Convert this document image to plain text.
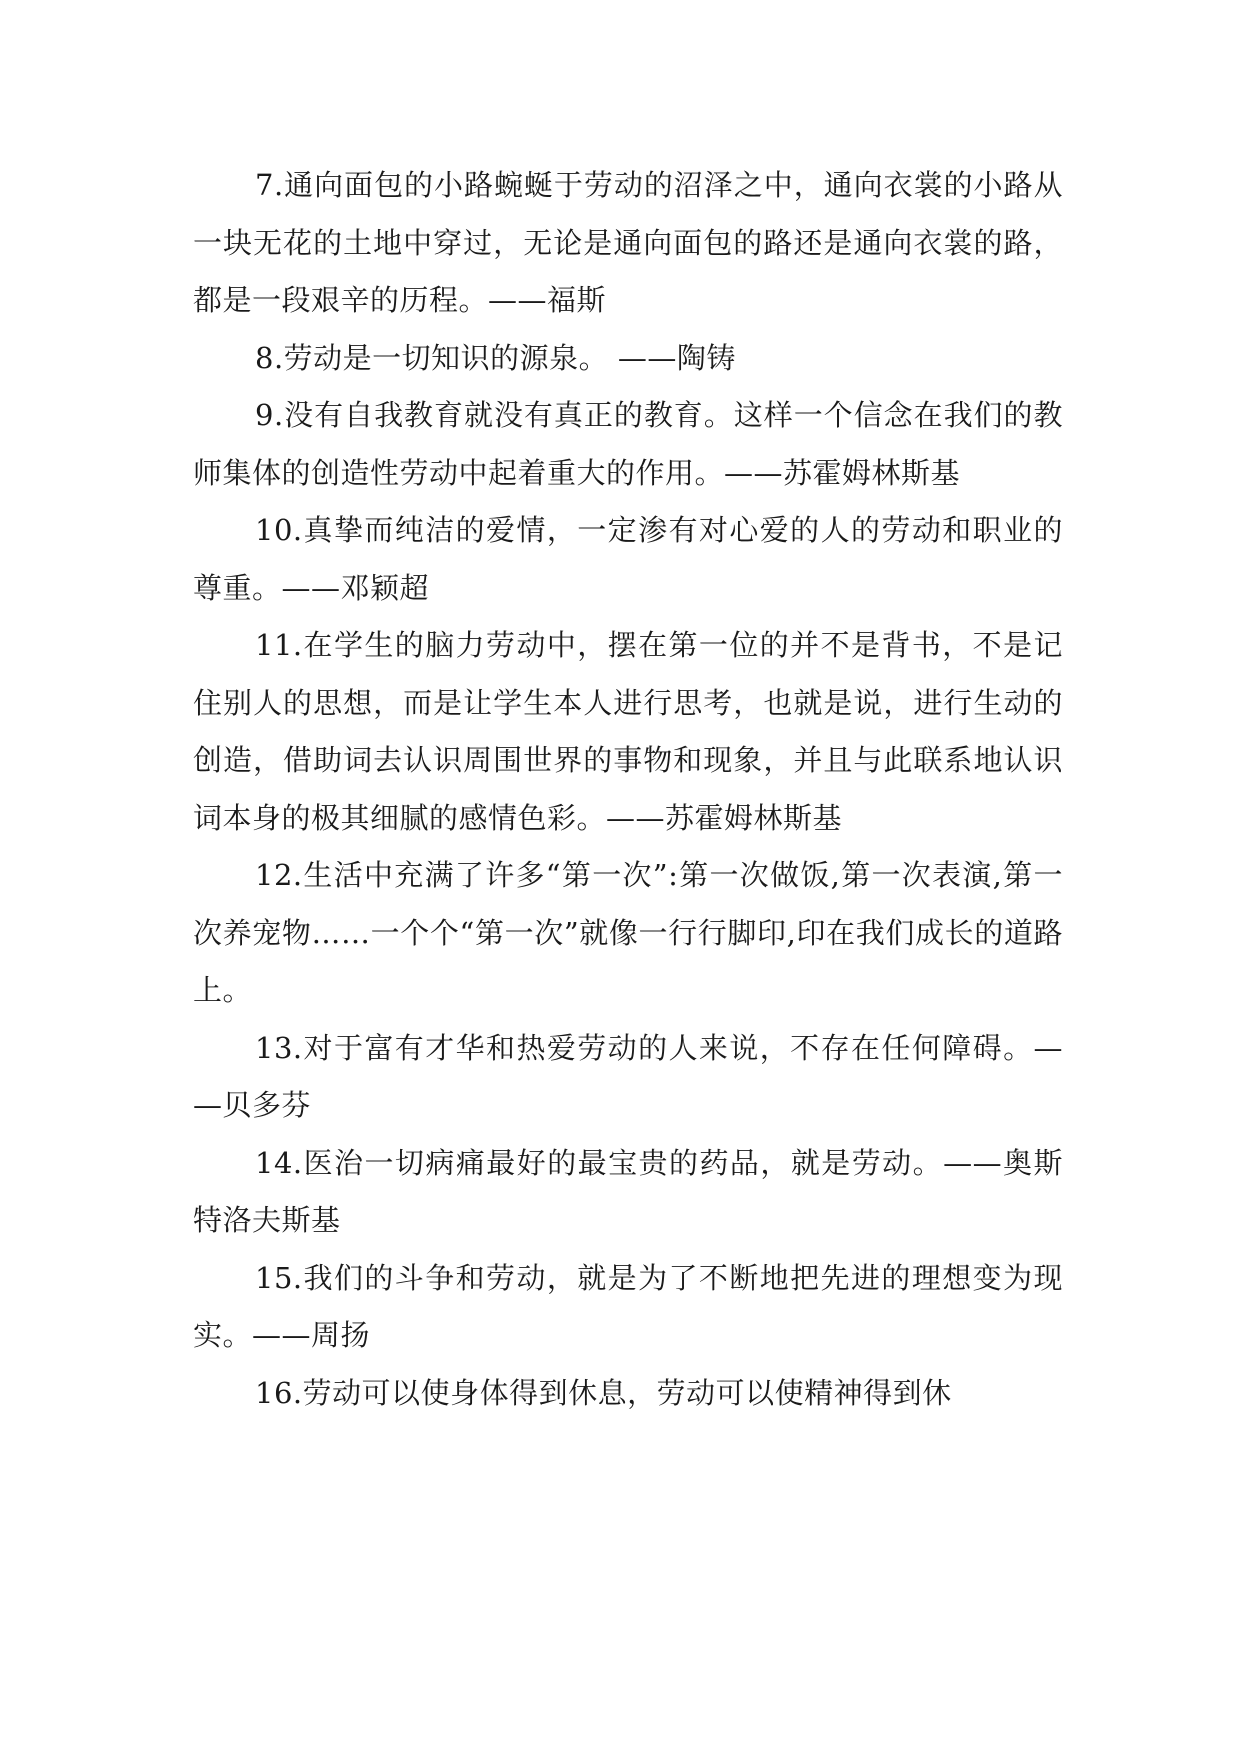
7.通向面包的小路蜿蜒于劳动的沼泽之中，通向衣裳的小路从一块无花的土地中穿过，无论是通向面包的路还是通向衣裳的路，都是一段艰辛的历程。——福斯

8.劳动是一切知识的源泉。 ——陶铸

9.没有自我教育就没有真正的教育。这样一个信念在我们的教师集体的创造性劳动中起着重大的作用。——苏霍姆林斯基

10.真挚而纯洁的爱情，一定渗有对心爱的人的劳动和职业的尊重。——邓颖超

11.在学生的脑力劳动中，摆在第一位的并不是背书，不是记住别人的思想，而是让学生本人进行思考，也就是说，进行生动的创造，借助词去认识周围世界的事物和现象，并且与此联系地认识词本身的极其细腻的感情色彩。——苏霍姆林斯基

12.生活中充满了许多“第一次”:第一次做饭,第一次表演,第一次养宠物……一个个“第一次”就像一行行脚印,印在我们成长的道路上。

13.对于富有才华和热爱劳动的人来说，不存在任何障碍。——贝多芬

14.医治一切病痛最好的最宝贵的药品，就是劳动。——奥斯特洛夫斯基

15.我们的斗争和劳动，就是为了不断地把先进的理想变为现实。——周扬

16.劳动可以使身体得到休息，劳动可以使精神得到休
